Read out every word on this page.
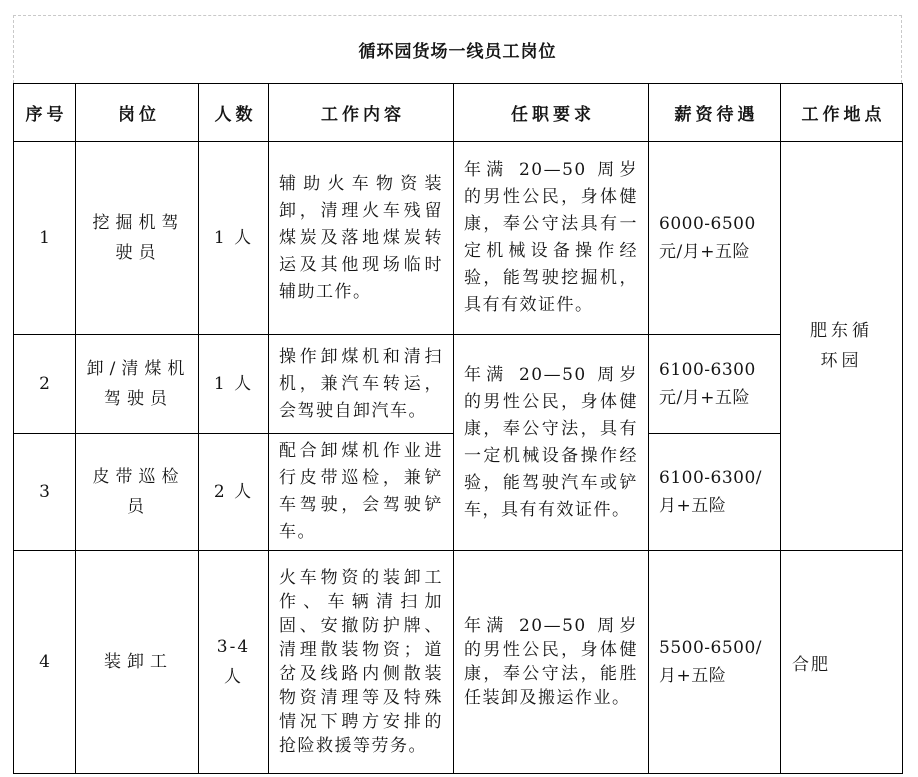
循环园货场一线员工岗位
序号	岗位	人数	工作内容	任职要求	薪资待遇	工作地点
1	挖掘机驾驶员	1 人	辅助火车物资装卸，清理火车残留煤炭及落地煤炭转运及其他现场临时辅助工作。	年满 20—50 周岁的男性公民，身体健康，奉公守法具有一定机械设备操作经验，能驾驶挖掘机，具有有效证件。	6000-6500 元/月+五险	肥东循环园

2	卸/清煤机驾驶员	1 人	操作卸煤机和清扫机，兼汽车转运，会驾驶自卸汽车。	年满 20—50 周岁的男性公民，身体健康，奉公守法，具有一定机械设备操作经验，能驾驶汽车或铲车，具有有效证件。	6100-6300 元/月+五险	
3	皮带巡检员	2 人	配合卸煤机作业进行皮带巡检，兼铲车驾驶，会驾驶铲车。		6100-6300/月+五险	
4	装卸工	3-4 人	火车物资的装卸工作、车辆清扫加固、安撤防护牌、清理散装物资；道岔及线路内侧散装物资清理等及特殊情况下聘方安排的抢险救援等劳务。	年满 20—50 周岁的男性公民，身体健康，奉公守法，能胜任装卸及搬运作业。	5500-6500/月+五险	合肥
